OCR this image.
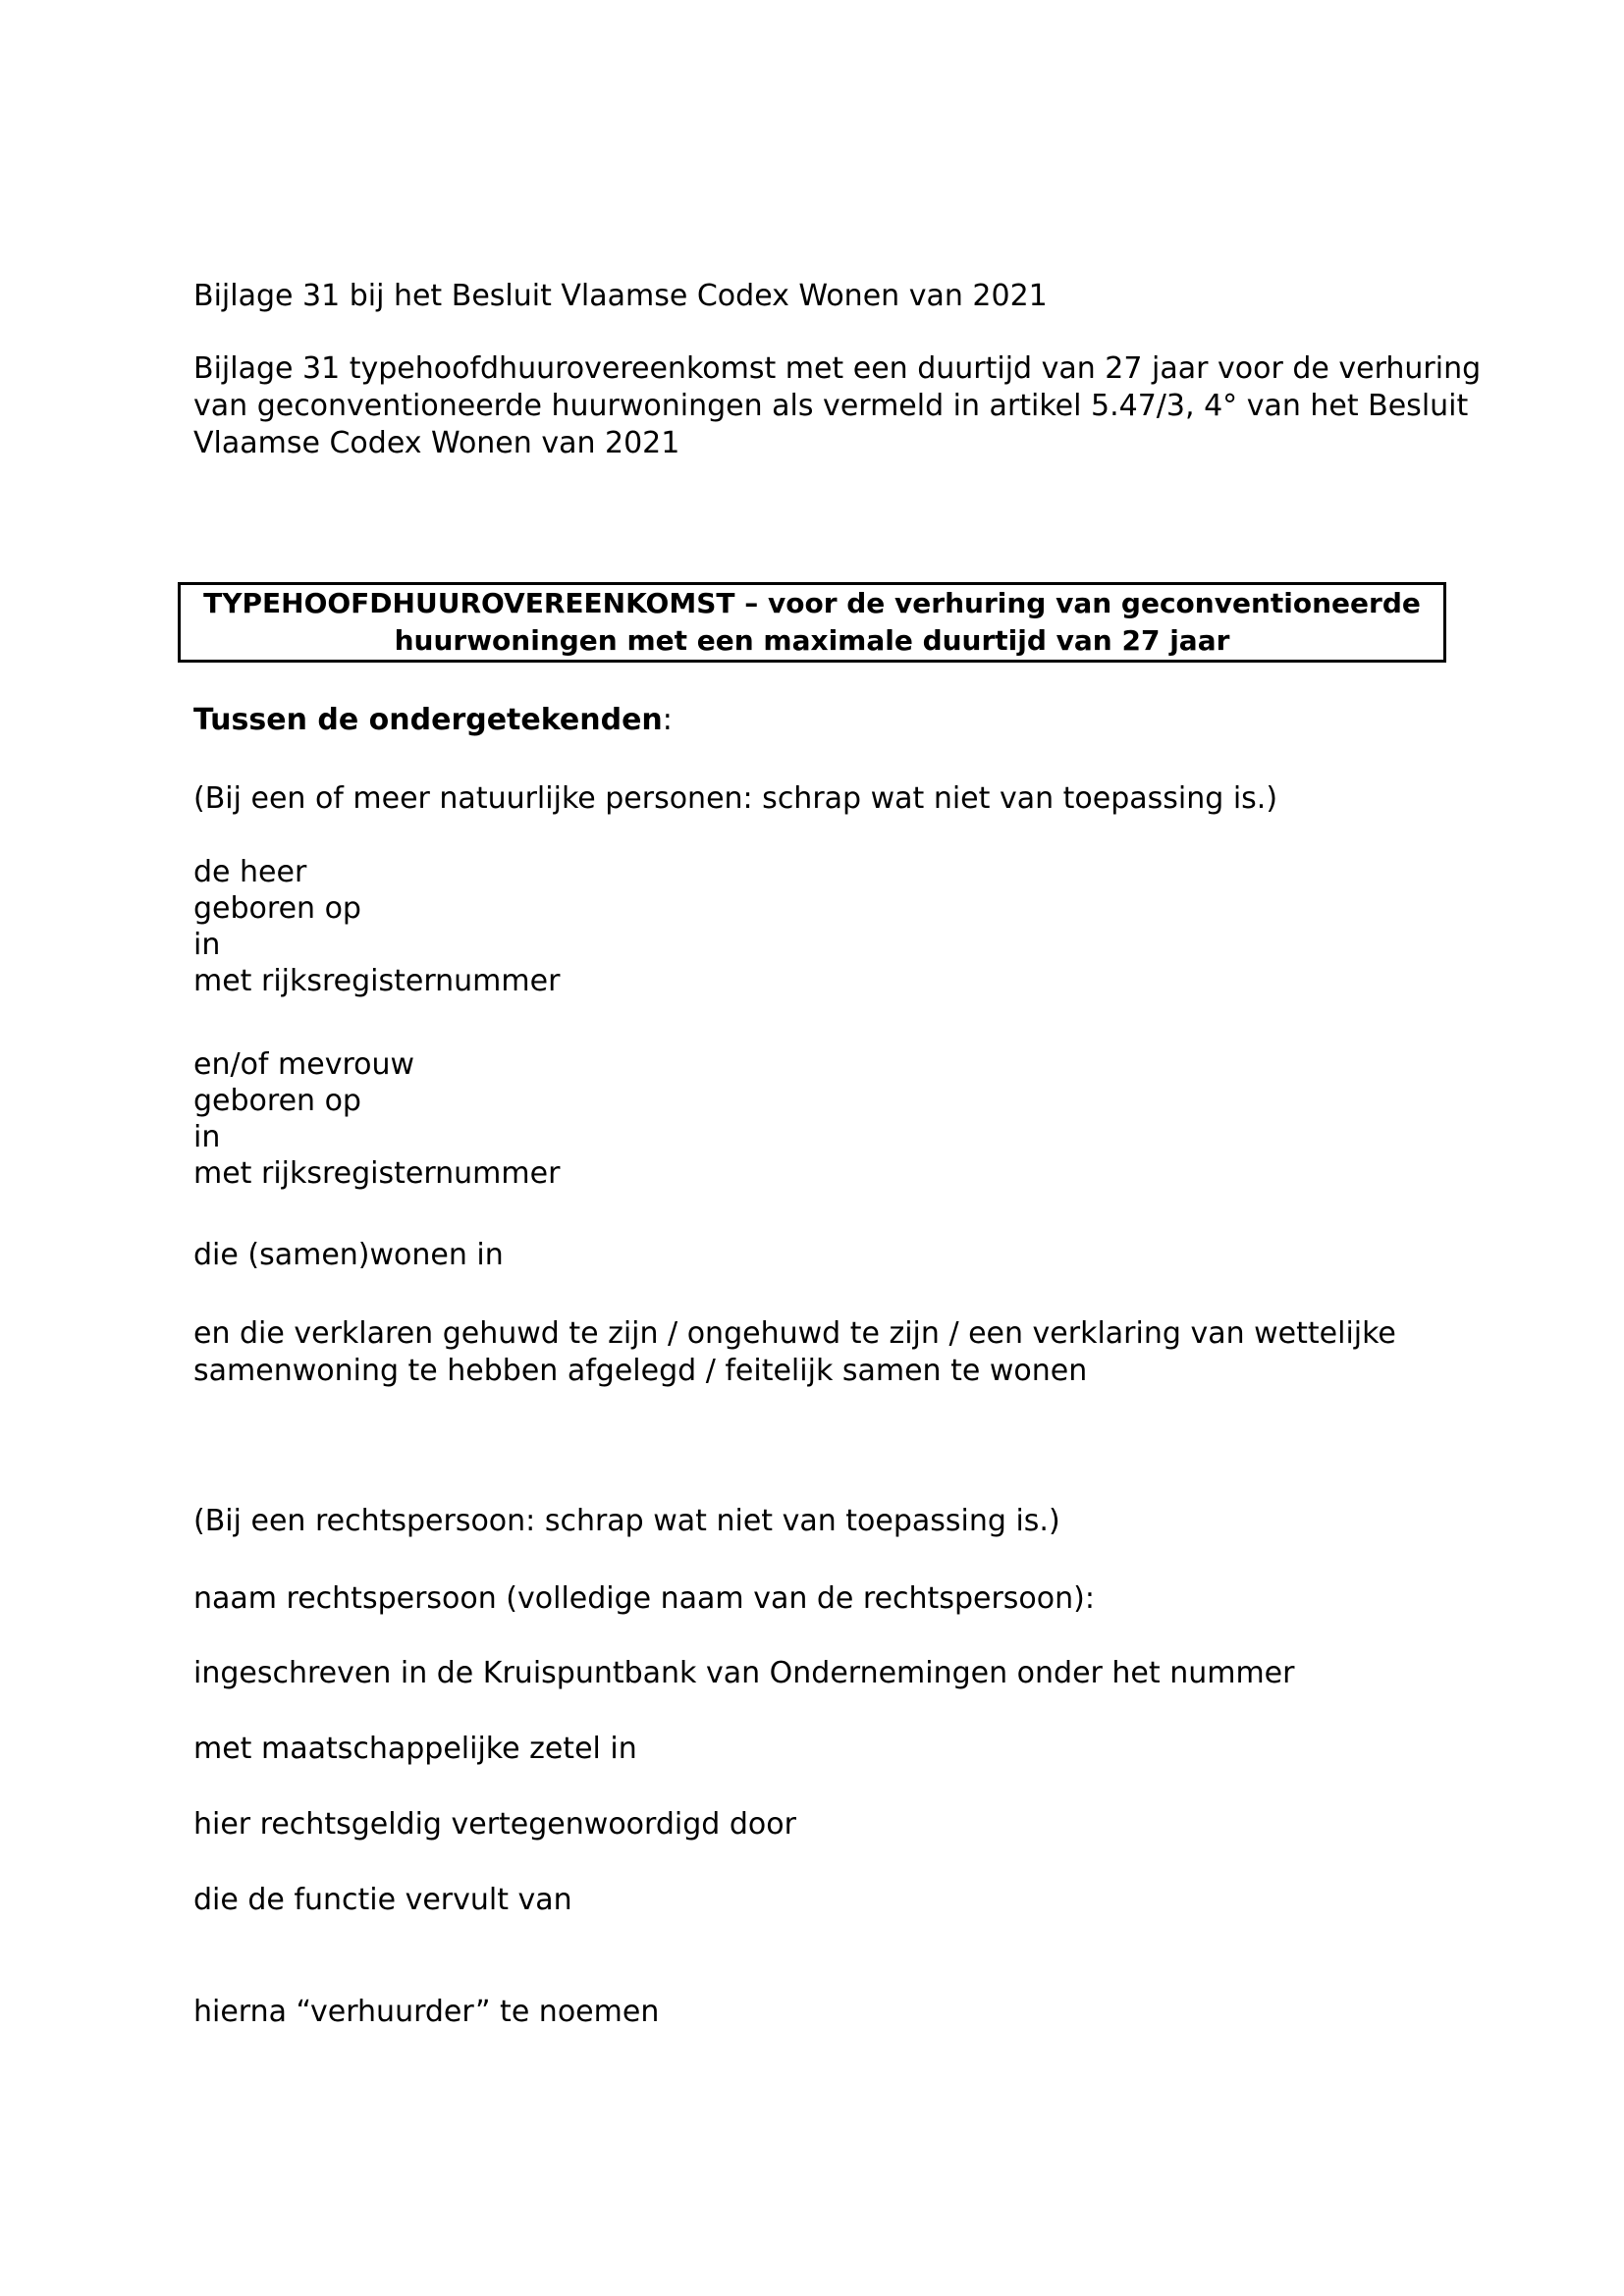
Bijlage 31 bij het Besluit Vlaamse Codex Wonen van 2021
Bijlage 31 typehoofdhuurovereenkomst met een duurtijd van 27 jaar voor de verhuring
van geconventioneerde huurwoningen als vermeld in artikel 5.47/3, 4° van het Besluit
Vlaamse Codex Wonen van 2021
TYPEHOOFDHUUROVEREENKOMST – voor de verhuring van geconventioneerde
huurwoningen met een maximale duurtijd van 27 jaar
Tussen de ondergetekenden:
(Bij een of meer natuurlijke personen: schrap wat niet van toepassing is.)
de heer
geboren op
in
met rijksregisternummer
en/of mevrouw
geboren op
in
met rijksregisternummer
die (samen)wonen in
en die verklaren gehuwd te zijn / ongehuwd te zijn / een verklaring van wettelijke
samenwoning te hebben afgelegd / feitelijk samen te wonen
(Bij een rechtspersoon: schrap wat niet van toepassing is.)
naam rechtspersoon (volledige naam van de rechtspersoon):
ingeschreven in de Kruispuntbank van Ondernemingen onder het nummer
met maatschappelijke zetel in
hier rechtsgeldig vertegenwoordigd door
die de functie vervult van
hierna “verhuurder” te noemen
